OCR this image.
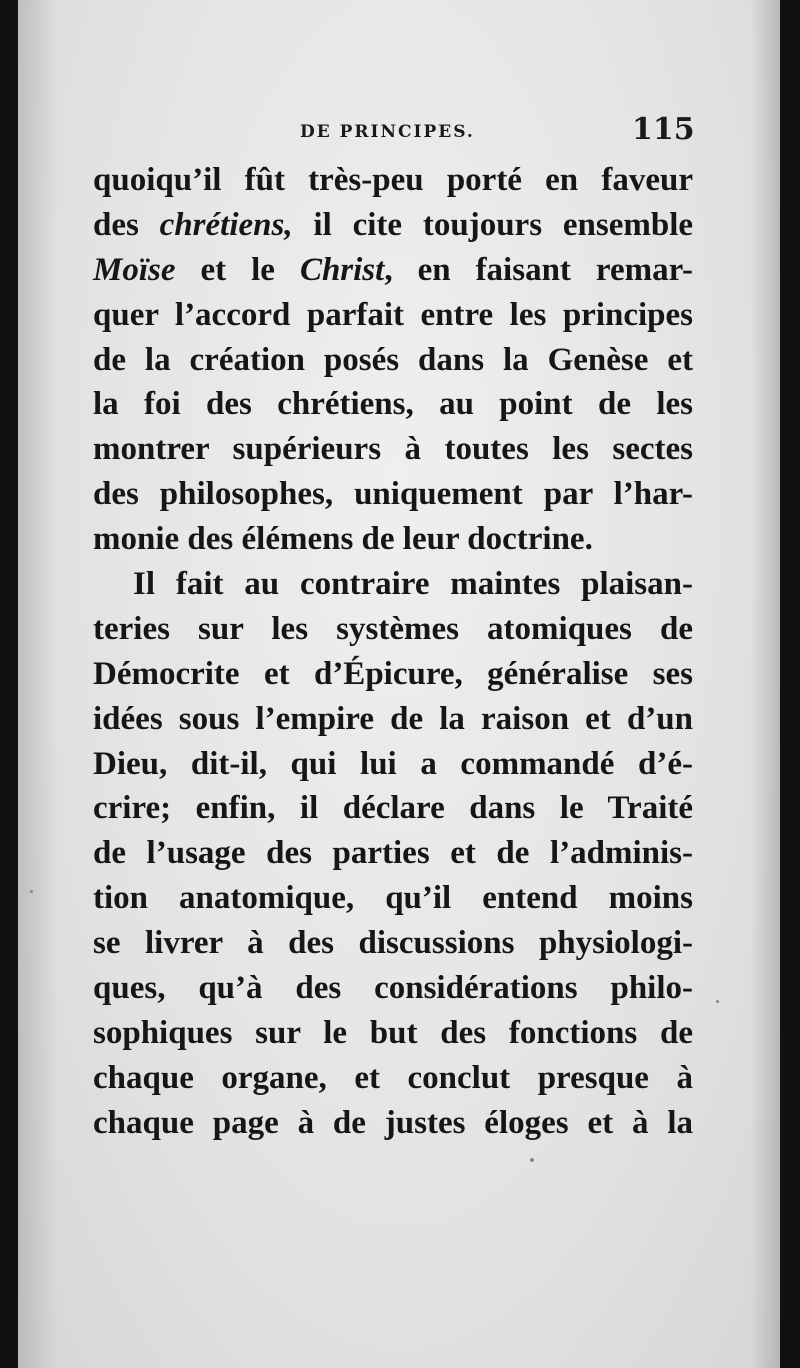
DE PRINCIPES.	115
quoiqu’il fût très-peu porté en faveur
des chrétiens, il cite toujours ensemble
Moïse et le Christ, en faisant remar-
quer l’accord parfait entre les principes
de la création posés dans la Genèse et
la foi des chrétiens, au point de les
montrer supérieurs à toutes les sectes
des philosophes, uniquement par l’har-
monie des élémens de leur doctrine.
Il fait au contraire maintes plaisan-
teries sur les systèmes atomiques de
Démocrite et d’Épicure, généralise ses
idées sous l’empire de la raison et d’un
Dieu, dit-il, qui lui a commandé d’é-
crire; enfin, il déclare dans le Traité
de l’usage des parties et de l’adminis-
tion anatomique, qu’il entend moins
se livrer à des discussions physiologi-
ques, qu’à des considérations philo-
sophiques sur le but des fonctions de
chaque organe, et conclut presque à
chaque page à de justes éloges et à la
